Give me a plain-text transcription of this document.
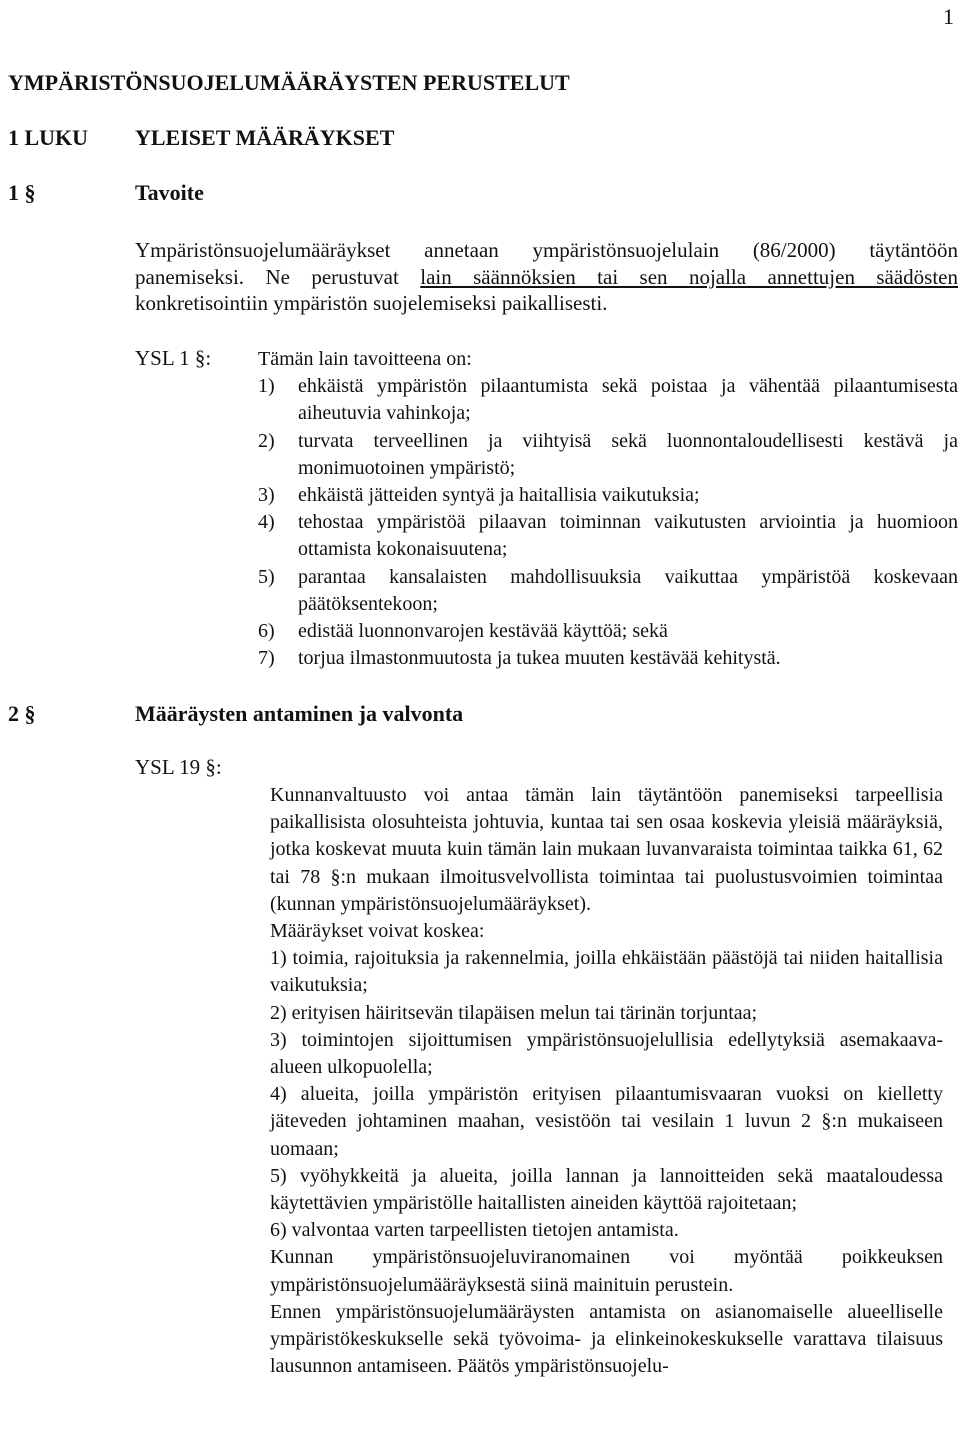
1
YMPÄRISTÖNSUOJELUMÄÄRÄYSTEN PERUSTELUT
1 LUKU YLEISET MÄÄRÄYKSET
1 §	Tavoite
Ympäristönsuojelumääräykset annetaan ympäristönsuojelulain (86/2000) täytäntöön
panemiseksi. Ne perustuvat lain säännöksien tai sen nojalla annettujen säädösten
konkretisointiin ympäristön suojelemiseksi paikallisesti.
YSL 1 §: Tämän lain tavoitteena on:
1)	ehkäistä ympäristön pilaantumista sekä poistaa ja vähentää pilaantumisesta aiheutuvia vahinkoja;
2)	turvata terveellinen ja viihtyisä sekä luonnontaloudellisesti kestävä ja monimuotoinen ympäristö;
3)	ehkäistä jätteiden syntyä ja haitallisia vaikutuksia;
4)	tehostaa ympäristöä pilaavan toiminnan vaikutusten arviointia ja huomioon ottamista kokonaisuutena;
5)	parantaa kansalaisten mahdollisuuksia vaikuttaa ympäristöä koskevaan päätöksentekoon;
6)	edistää luonnonvarojen kestävää käyttöä; sekä
7)	torjua ilmastonmuutosta ja tukea muuten kestävää kehitystä.
2 §	Määräysten antaminen ja valvonta
YSL 19 §:

Kunnanvaltuusto voi antaa tämän lain täytäntöön panemiseksi tarpeellisia paikallisista olosuhteista johtuvia, kuntaa tai sen osaa koskevia yleisiä määräyksiä, jotka koskevat muuta kuin tämän lain mukaan luvanvaraista toimintaa taikka 61, 62 tai 78 §:n mukaan ilmoitusvelvollista toimintaa tai puolustusvoimien toimintaa (kunnan ympäristönsuojelumääräykset).

Määräykset voivat koskea:

1) toimia, rajoituksia ja rakennelmia, joilla ehkäistään päästöjä tai niiden haitallisia vaikutuksia;

2) erityisen häiritsevän tilapäisen melun tai tärinän torjuntaa;

3) toimintojen sijoittumisen ympäristönsuojelullisia edellytyksiä asemakaava-alueen ulkopuolella;

4) alueita, joilla ympäristön erityisen pilaantumisvaaran vuoksi on kielletty jäteveden johtaminen maahan, vesistöön tai vesilain 1 luvun 2 §:n mukaiseen uomaan;

5) vyöhykkeitä ja alueita, joilla lannan ja lannoitteiden sekä maataloudessa käytettävien ympäristölle haitallisten aineiden käyttöä rajoitetaan;

6) valvontaa varten tarpeellisten tietojen antamista.

Kunnan ympäristönsuojeluviranomainen voi myöntää poikkeuksen ympäristönsuojelumääräyksestä siinä mainituin perustein.

Ennen ympäristönsuojelumääräysten antamista on asianomaiselle alueelliselle ympäristökeskukselle sekä työvoima- ja elinkeinokeskukselle varattava tilaisuus lausunnon antamiseen. Päätös ympäristönsuojelu-
